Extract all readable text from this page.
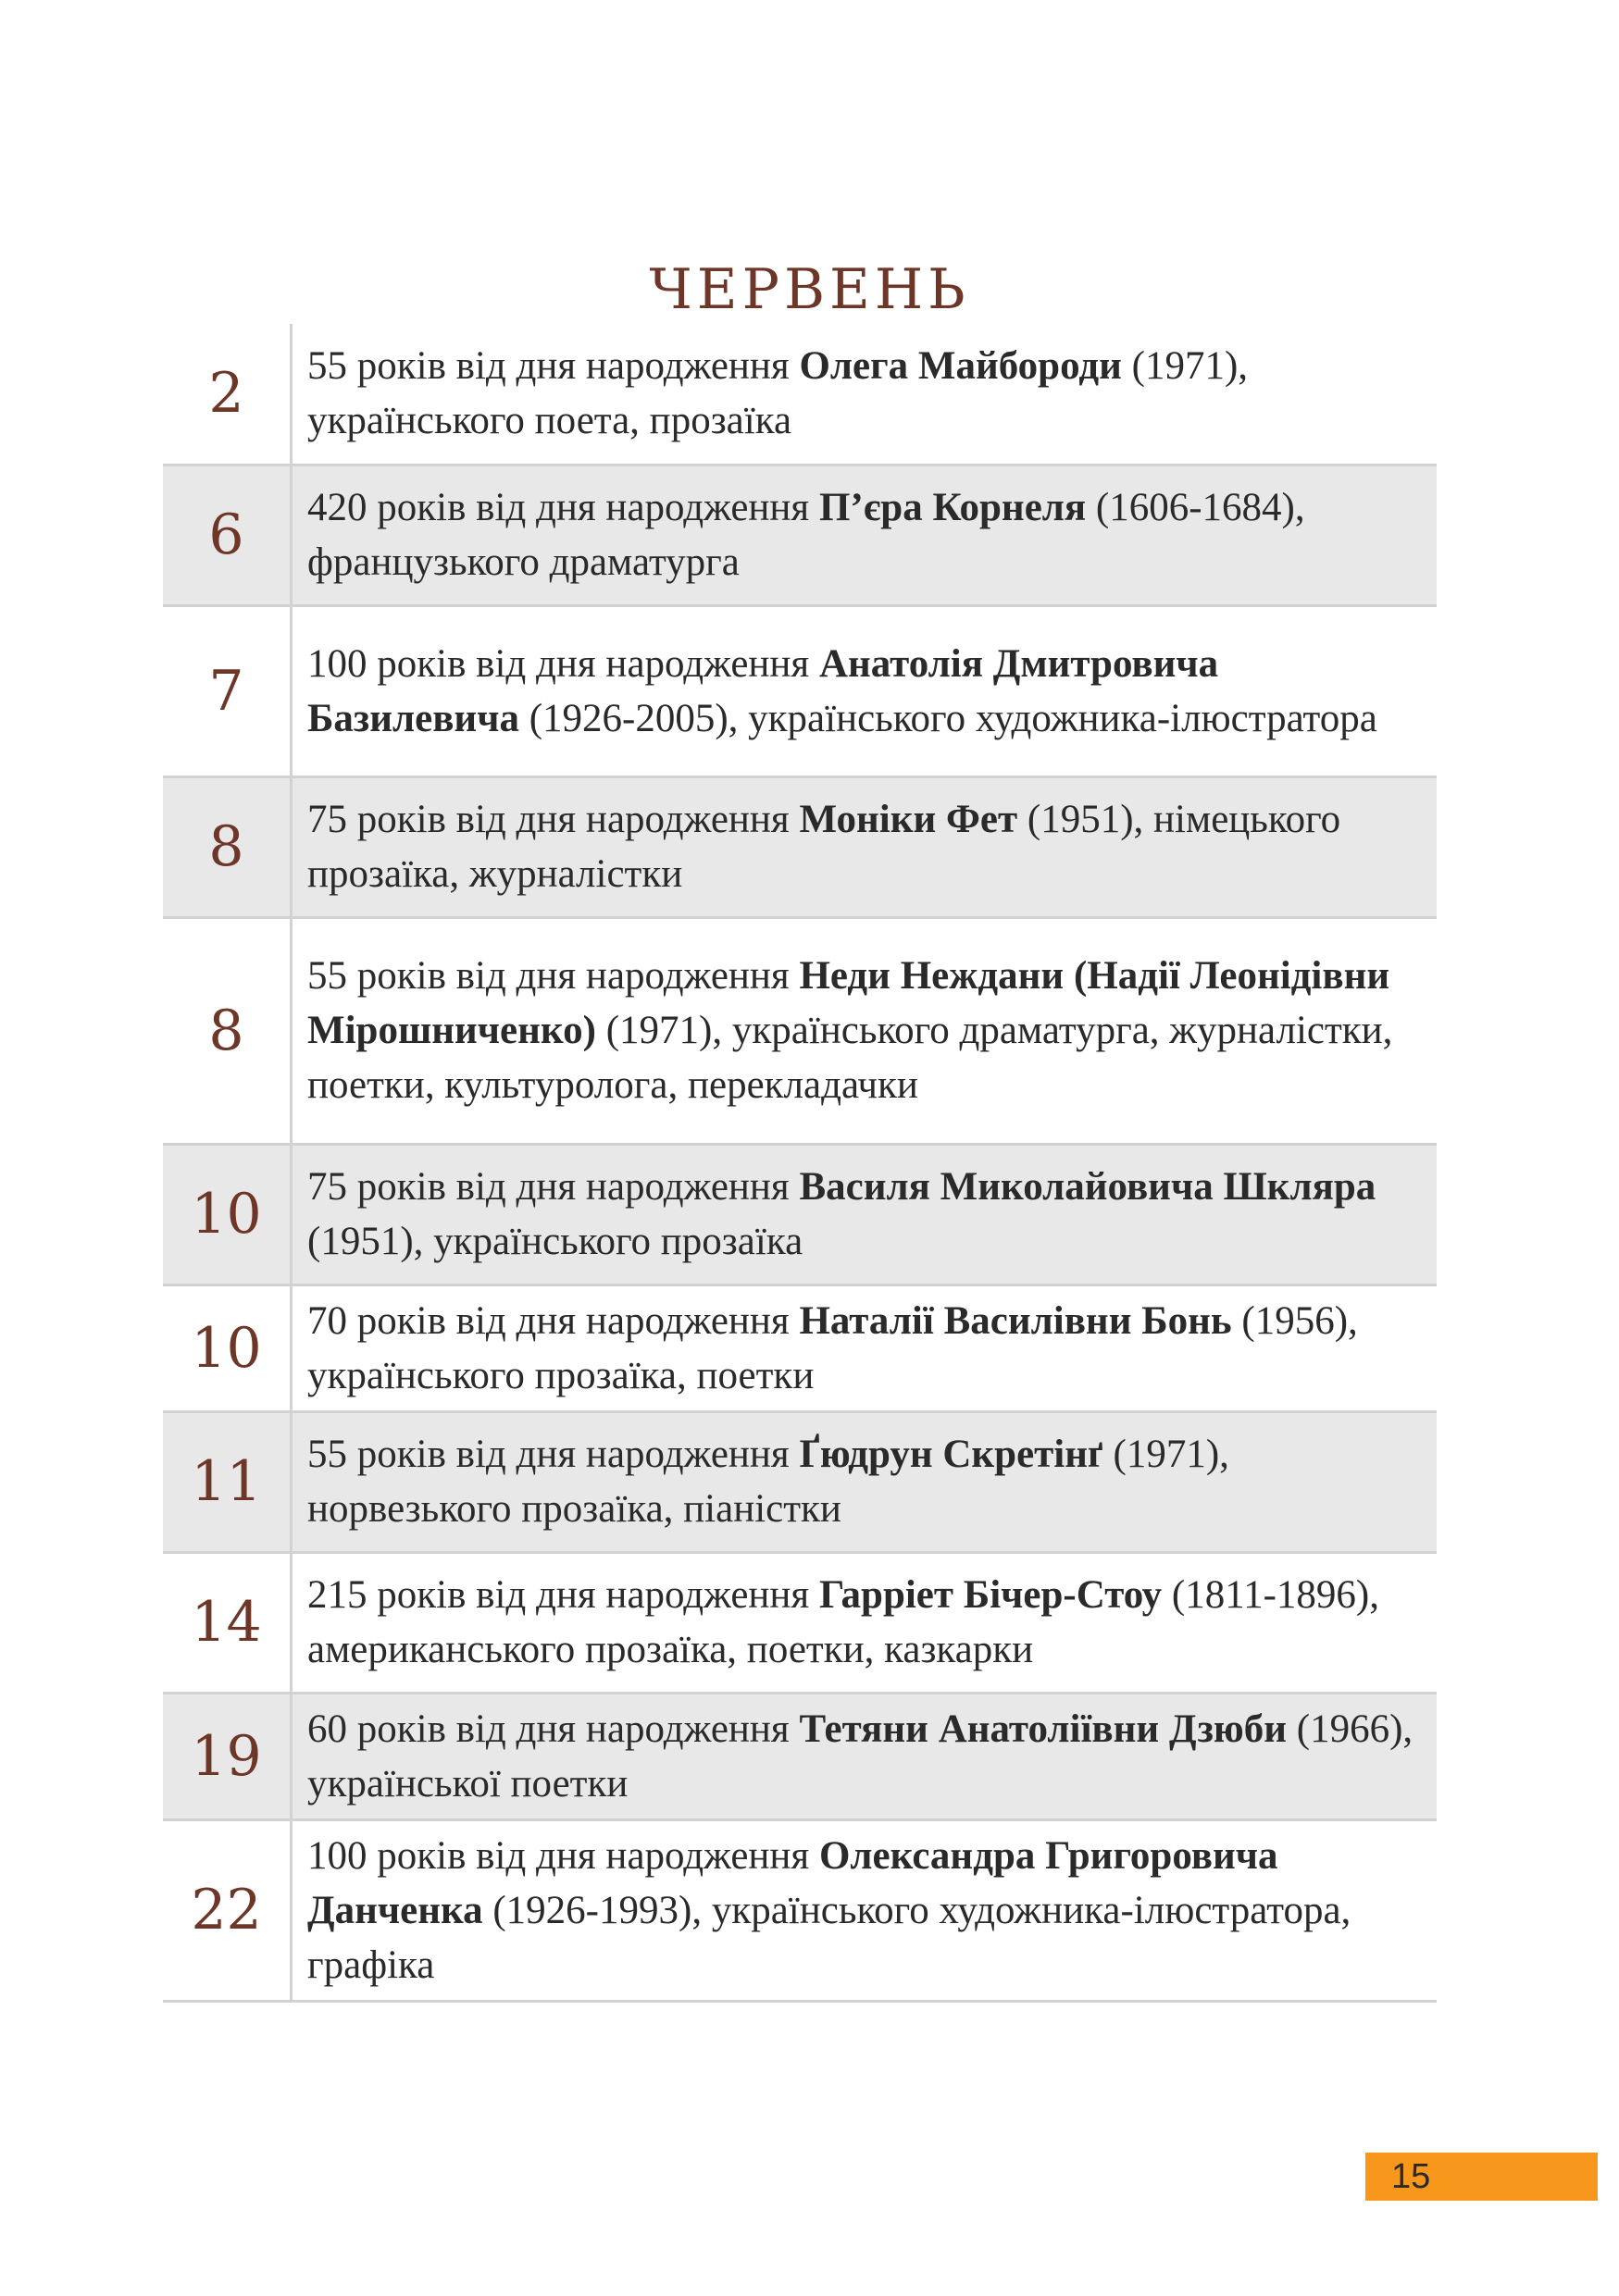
ЧЕРВЕНЬ
2	55 років від дня народження Олега Майбороди (1971), українського поета, прозаїка
6	420 років від дня народження П’єра Корнеля (1606-1684), французького драматурга
7	100 років від дня народження Анатолія Дмитровича Базилевича (1926-2005), українського художника-ілюстратора
8	75 років від дня народження Моніки Фет (1951), німецького прозаїка, журналістки
8	55 років від дня народження Неди Неждани (Надії Леонідівни Мірошниченко) (1971), українського драматурга, журналістки, поетки, культуролога, перекладачки
10	75 років від дня народження Василя Миколайовича Шкляра (1951), українського прозаїка
10	70 років від дня народження Наталії Василівни Бонь (1956), українського прозаїка, поетки
11	55 років від дня народження Ґюдрун Скретінґ (1971), норвезького прозаїка, піаністки
14	215 років від дня народження Гарріет Бічер-Стоу (1811-1896), американського прозаїка, поетки, казкарки
19	60 років від дня народження Тетяни Анатоліївни Дзюби (1966), української поетки
22	100 років від дня народження Олександра Григоровича Данченка (1926-1993), українського художника-ілюстратора, графіка
15
